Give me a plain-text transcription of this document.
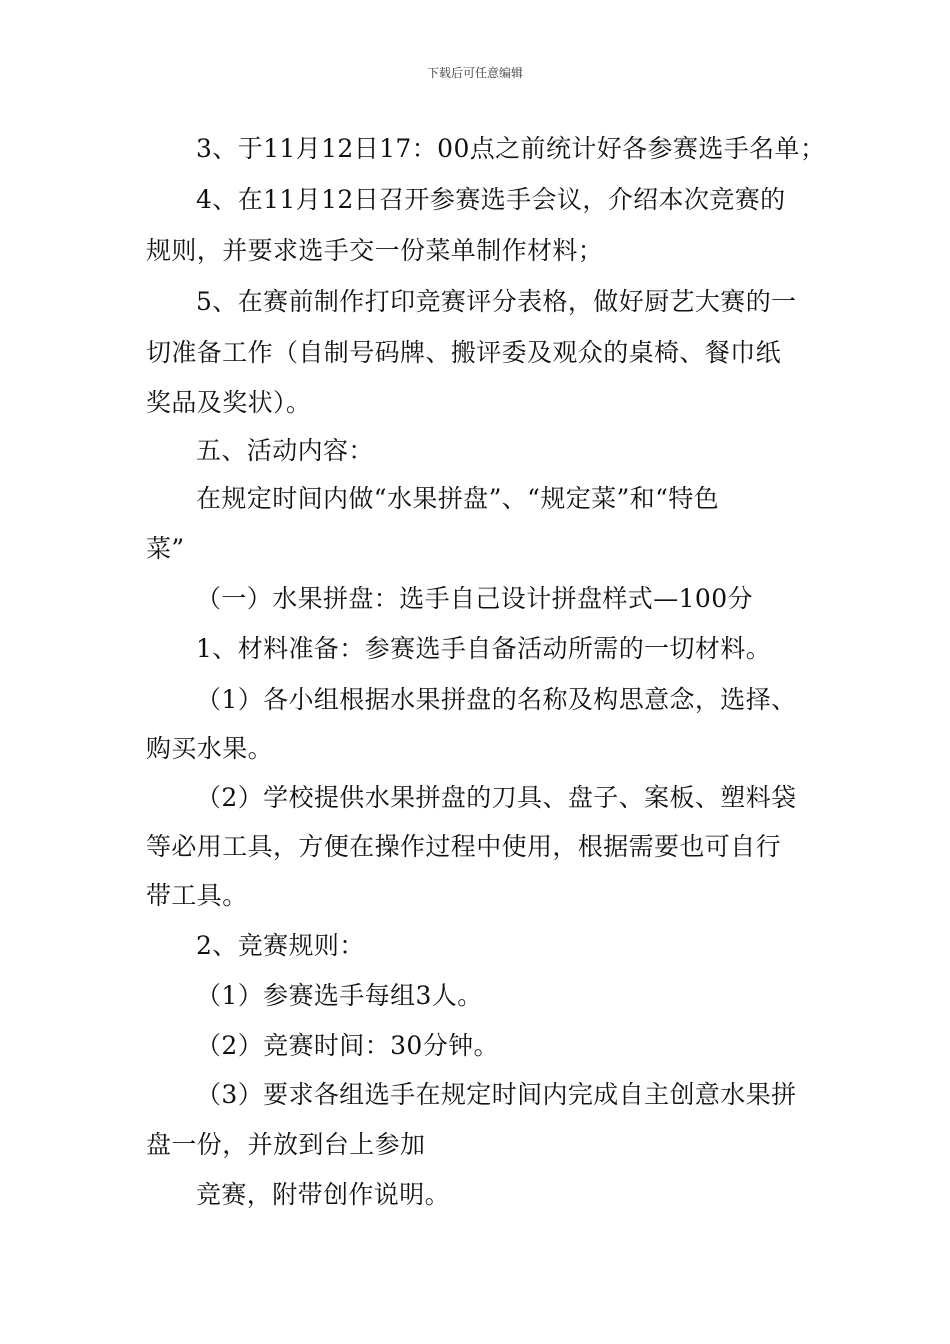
下载后可任意编辑
3、于11月12日17：00点之前统计好各参赛选手名单；
4、在11月12日召开参赛选手会议，介绍本次竞赛的
规则，并要求选手交一份菜单制作材料；
5、在赛前制作打印竞赛评分表格，做好厨艺大赛的一
切准备工作（自制号码牌、搬评委及观众的桌椅、餐巾纸
奖品及奖状）。
五、活动内容：
在规定时间内做“水果拼盘”、“规定菜”和“特色
菜”
（一）水果拼盘：选手自己设计拼盘样式—100分
1、材料准备：参赛选手自备活动所需的一切材料。
（1）各小组根据水果拼盘的名称及构思意念，选择、
购买水果。
（2）学校提供水果拼盘的刀具、盘子、案板、塑料袋
等必用工具，方便在操作过程中使用，根据需要也可自行
带工具。
2、竞赛规则：
（1）参赛选手每组3人。
（2）竞赛时间：30分钟。
（3）要求各组选手在规定时间内完成自主创意水果拼
盘一份，并放到台上参加
竞赛，附带创作说明。
